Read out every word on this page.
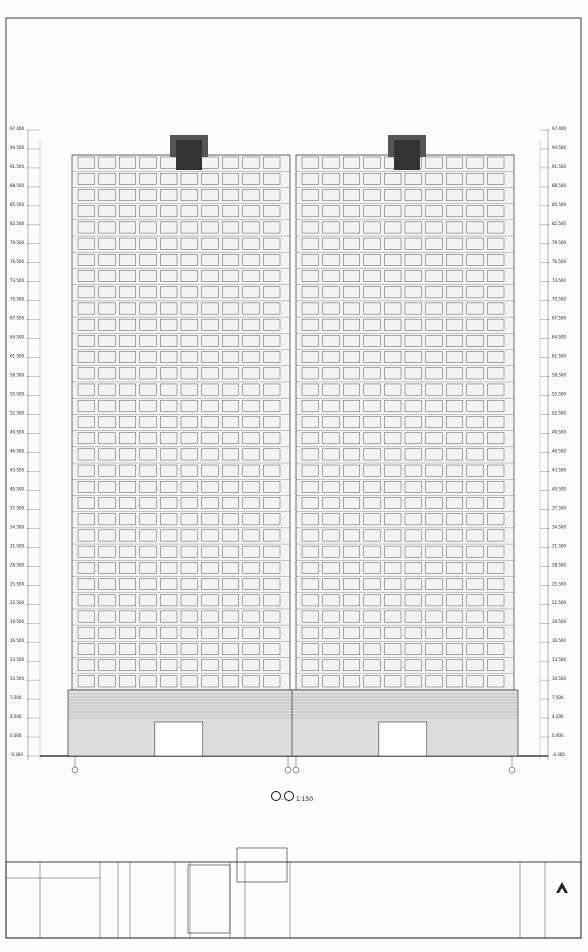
97.400
94.500
91.500
88.500
85.500
82.500
79.500
76.500
73.500
70.500
67.500
64.500
61.500
58.500
55.500
52.500
49.500
46.500
43.500
40.500
37.500
34.500
31.500
28.500
25.500
22.500
19.500
16.500
13.500
10.500
7.500
4.500
0.000
-0.300
97.400
94.500
91.500
88.500
85.500
82.500
79.500
76.500
73.500
70.500
67.500
64.500
61.500
58.500
55.500
52.500
49.500
46.500
43.500
40.500
37.500
34.500
31.500
28.500
25.500
22.500
19.500
16.500
13.500
10.500
7.500
4.500
0.000
-0.300
– 1:150
